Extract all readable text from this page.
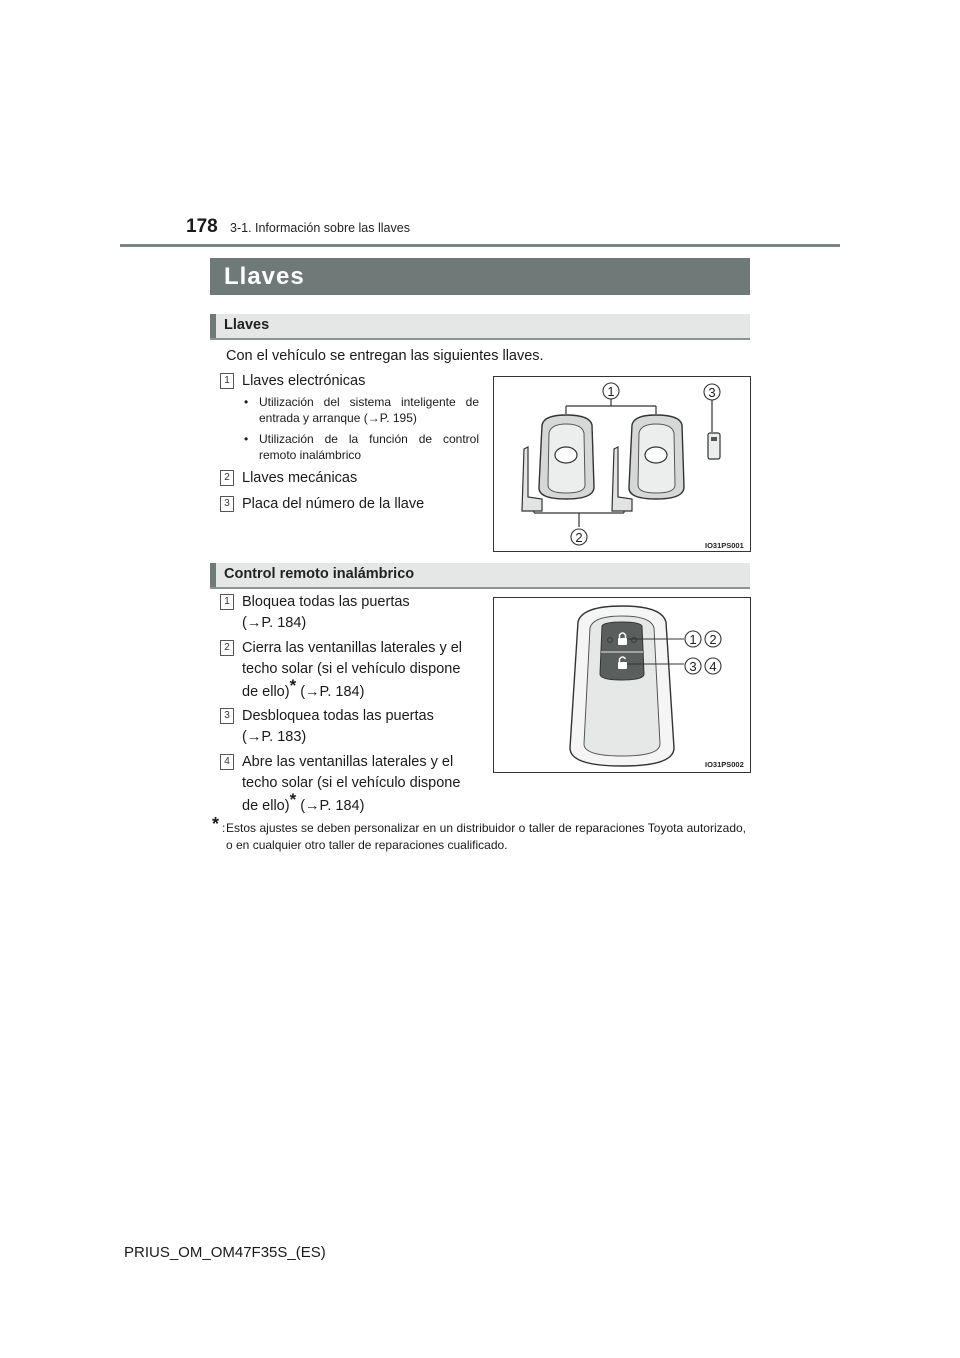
178 3-1. Información sobre las llaves
Llaves
Llaves
Con el vehículo se entregan las siguientes llaves.
1 Llaves electrónicas
• Utilización del sistema inteligente de entrada y arranque (→P. 195)
• Utilización de la función de control remoto inalámbrico
2 Llaves mecánicas
3 Placa del número de la llave
1	3
2
IO31PS001
Control remoto inalámbrico
1 Bloquea todas las puertas
(→P. 184)
2 Cierra las ventanillas laterales y el
techo solar (si el vehículo dispone
de ello)* (→P. 184)
3 Desbloquea todas las puertas
(→P. 183)
4 Abre las ventanillas laterales y el
techo solar (si el vehículo dispone
de ello)* (→P. 184)
1 2
3 4
IO31PS002
* : Estos ajustes se deben personalizar en un distribuidor o taller de reparaciones Toyota autorizado, o en cualquier otro taller de reparaciones cualificado.
PRIUS_OM_OM47F35S_(ES)
